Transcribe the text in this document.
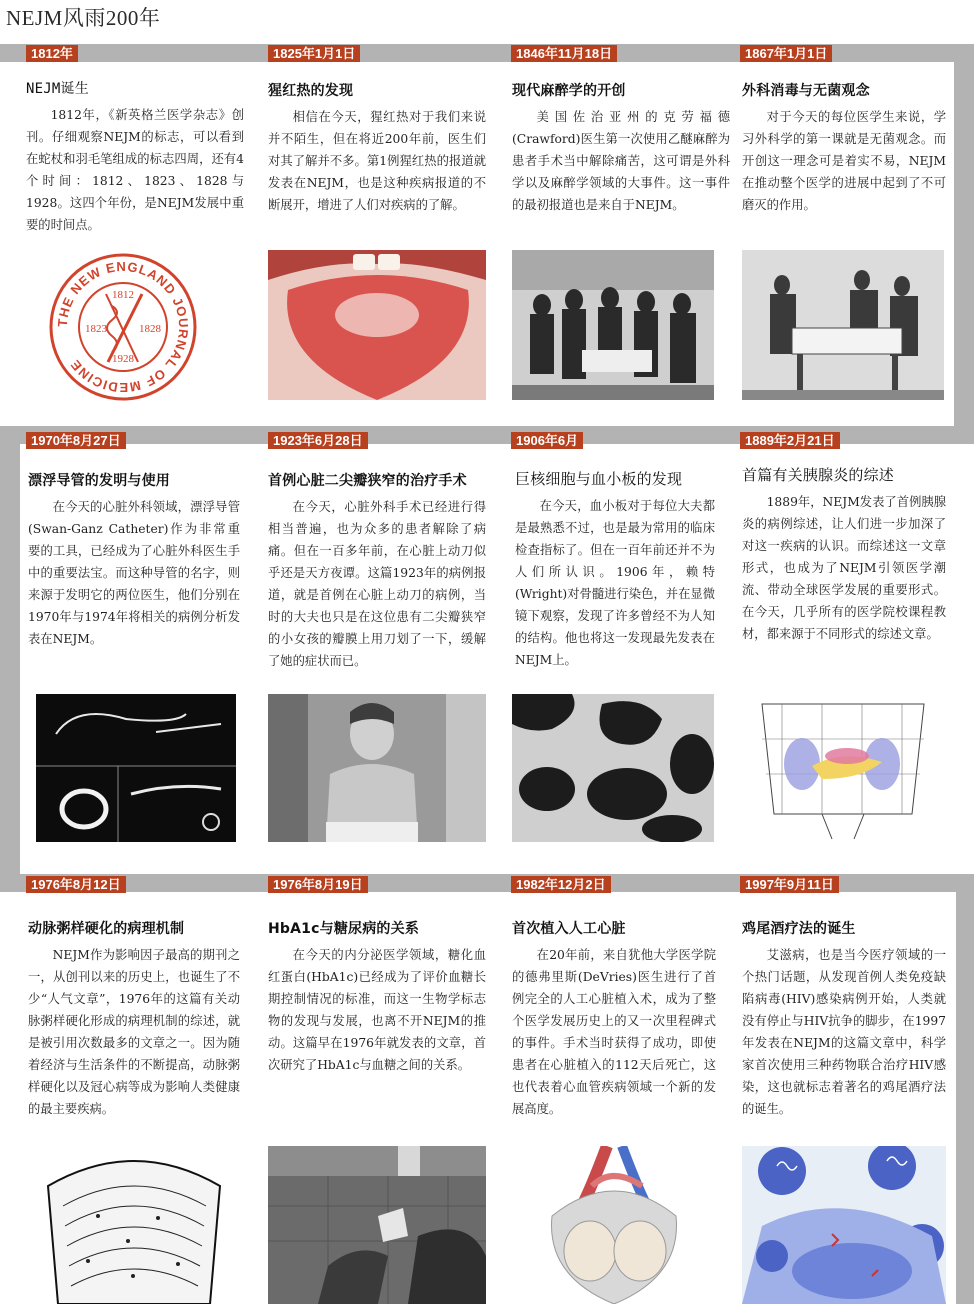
NEJM风雨200年
1812年	1825年1月1日	1846年11月18日	1867年1月1日
1970年8月27日	1923年6月28日	1906年6月	1889年2月21日
1976年8月12日	1976年8月19日	1982年12月2日	1997年9月11日
NEJM诞生

1812年，《新英格兰医学杂志》创刊。仔细观察NEJM的标志，可以看到在蛇杖和羽毛笔组成的标志四周，还有4个时间：1812、1823、1828与1928。这四个年份，是NEJM发展中重要的时间点。

猩红热的发现

相信在今天，猩红热对于我们来说并不陌生，但在将近200年前，医生们对其了解并不多。第1例猩红热的报道就发表在NEJM，也是这种疾病报道的不断展开，增进了人们对疾病的了解。

现代麻醉学的开创

美国佐治亚州的克劳福德(Crawford)医生第一次使用乙醚麻醉为患者手术当中解除痛苦，这可谓是外科学以及麻醉学领域的大事件。这一事件的最初报道也是来自于NEJM。

外科消毒与无菌观念

对于今天的每位医学生来说，学习外科学的第一课就是无菌观念。而开创这一理念可是着实不易，NEJM在推动整个医学的进展中起到了不可磨灭的作用。

漂浮导管的发明与使用

在今天的心脏外科领域，漂浮导管(Swan-Ganz Catheter)作为非常重要的工具，已经成为了心脏外科医生手中的重要法宝。而这种导管的名字，则来源于发明它的两位医生，他们分别在1970年与1974年将相关的病例分析发表在NEJM。

首例心脏二尖瓣狭窄的治疗手术

在今天，心脏外科手术已经进行得相当普遍，也为众多的患者解除了病痛。但在一百多年前，在心脏上动刀似乎还是天方夜谭。这篇1923年的病例报道，就是首例在心脏上动刀的病例，当时的大夫也只是在这位患有二尖瓣狭窄的小女孩的瓣膜上用刀划了一下，缓解了她的症状而已。

巨核细胞与血小板的发现

在今天，血小板对于每位大夫都是最熟悉不过，也是最为常用的临床检查指标了。但在一百年前还并不为人们所认识。1906年，赖特(Wright)对骨髓进行染色，并在显微镜下观察，发现了许多曾经不为人知的结构。他也将这一发现最先发表在NEJM上。

首篇有关胰腺炎的综述

1889年，NEJM发表了首例胰腺炎的病例综述，让人们进一步加深了对这一疾病的认识。而综述这一文章形式，也成为了NEJM引领医学潮流、带动全球医学发展的重要形式。在今天，几乎所有的医学院校课程教材，都来源于不同形式的综述文章。

动脉粥样硬化的病理机制

NEJM作为影响因子最高的期刊之一，从创刊以来的历史上，也诞生了不少“人气文章”，1976年的这篇有关动脉粥样硬化形成的病理机制的综述，就是被引用次数最多的文章之一。因为随着经济与生活条件的不断提高，动脉粥样硬化以及冠心病等成为影响人类健康的最主要疾病。

HbA1c与糖尿病的关系

在今天的内分泌医学领域，糖化血红蛋白(HbA1c)已经成为了评价血糖长期控制情况的标准，而这一生物学标志物的发现与发展，也离不开NEJM的推动。这篇早在1976年就发表的文章，首次研究了HbA1c与血糖之间的关系。

首次植入人工心脏

在20年前，来自犹他大学医学院的德弗里斯(DeVries)医生进行了首例完全的人工心脏植入术，成为了整个医学发展历史上的又一次里程碑式的事件。手术当时获得了成功，即使患者在心脏植入的112天后死亡，这也代表着心血管疾病领域一个新的发展高度。

鸡尾酒疗法的诞生

艾滋病，也是当今医疗领域的一个热门话题，从发现首例人类免疫缺陷病毒(HIV)感染病例开始，人类就没有停止与HIV抗争的脚步，在1997年发表在NEJM的这篇文章中，科学家首次使用三种药物联合治疗HIV感染，这也就标志着著名的鸡尾酒疗法的诞生。

THE NEW ENGLAND JOURNAL OF MEDICINE
1812
1823	1828
1928
